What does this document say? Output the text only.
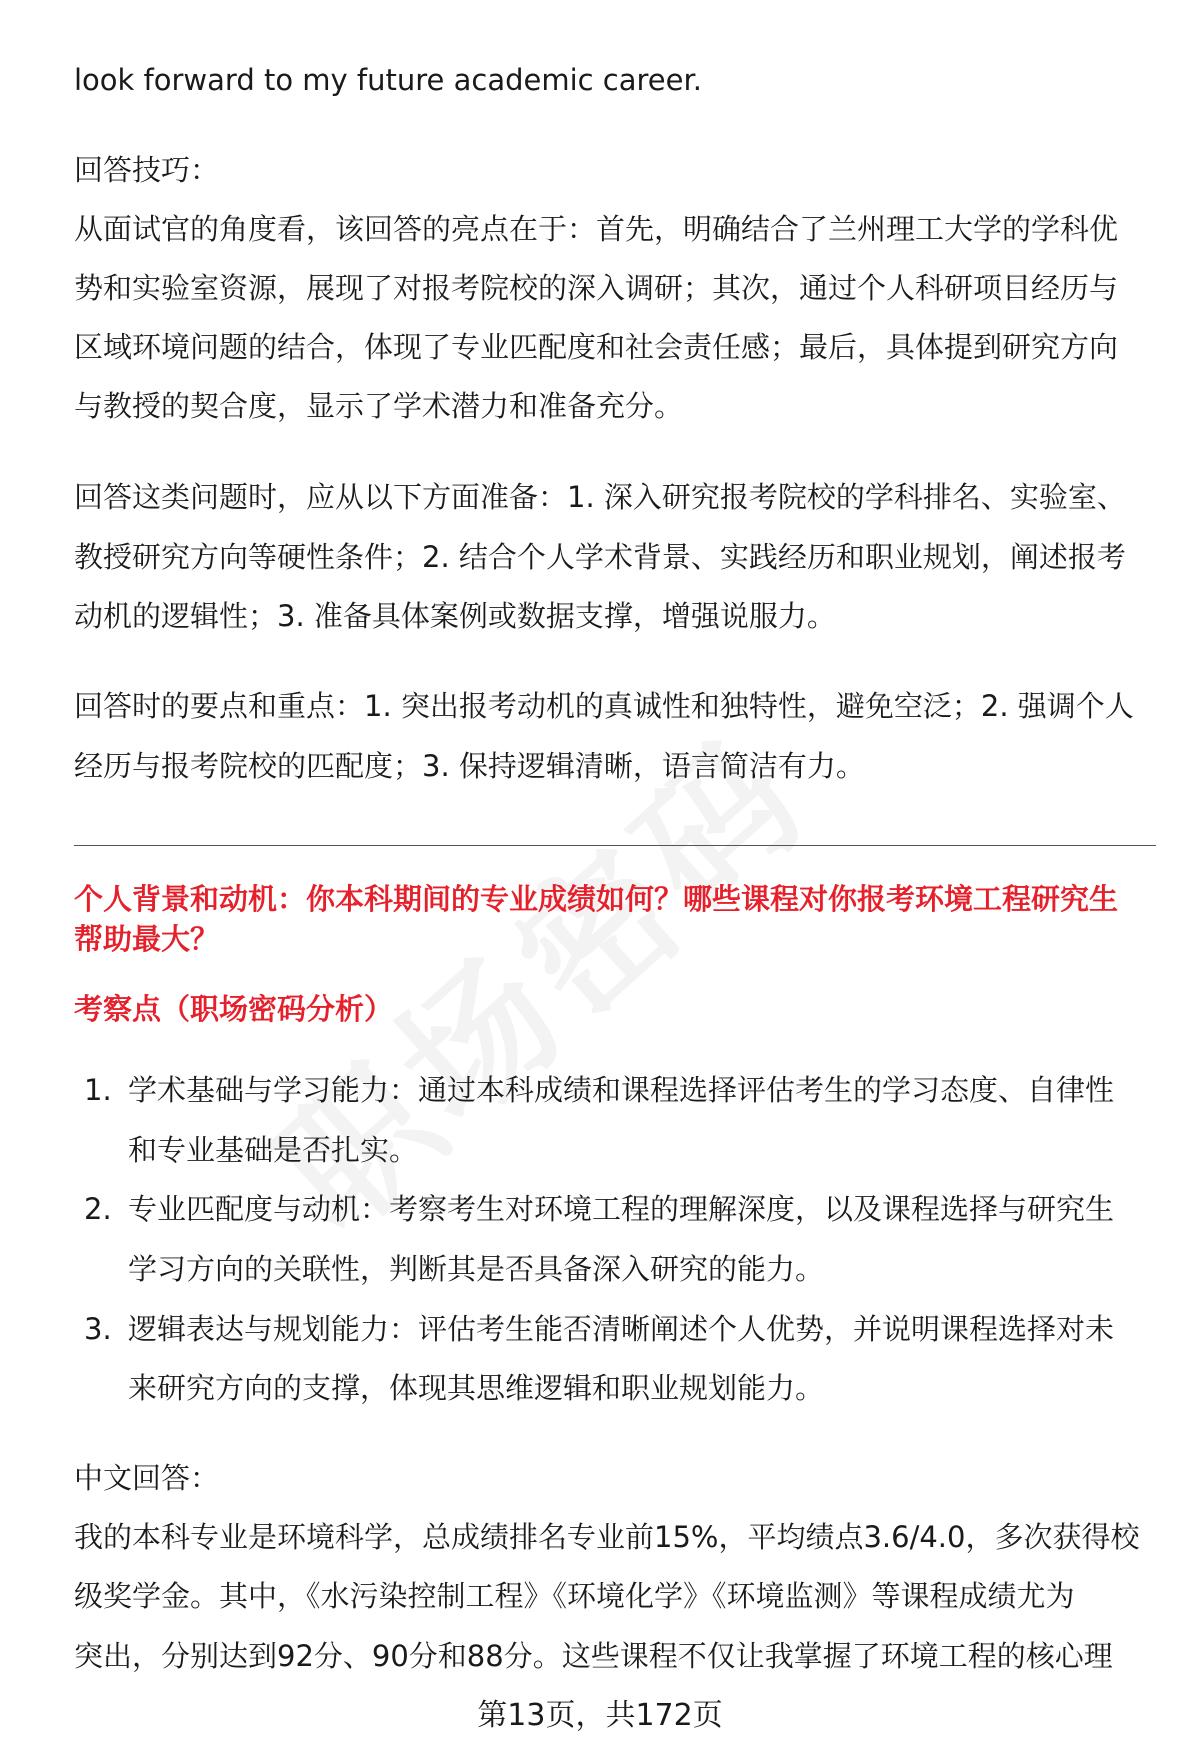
look forward to my future academic career.
回答技巧：
从面试官的角度看，该回答的亮点在于：首先，明确结合了兰州理工大学的学科优
势和实验室资源，展现了对报考院校的深入调研；其次，通过个人科研项目经历与
区域环境问题的结合，体现了专业匹配度和社会责任感；最后，具体提到研究方向
与教授的契合度，显示了学术潜力和准备充分。
回答这类问题时，应从以下方面准备：1. 深入研究报考院校的学科排名、实验室、
教授研究方向等硬性条件；2. 结合个人学术背景、实践经历和职业规划，阐述报考
动机的逻辑性；3. 准备具体案例或数据支撑，增强说服力。
回答时的要点和重点：1. 突出报考动机的真诚性和独特性，避免空泛；2. 强调个人
经历与报考院校的匹配度；3. 保持逻辑清晰，语言简洁有力。
个人背景和动机：你本科期间的专业成绩如何？哪些课程对你报考环境工程研究生
帮助最大？
考察点（职场密码分析）
1. 学术基础与学习能力：通过本科成绩和课程选择评估考生的学习态度、自律性
和专业基础是否扎实。
2. 专业匹配度与动机：考察考生对环境工程的理解深度，以及课程选择与研究生
学习方向的关联性，判断其是否具备深入研究的能力。
3. 逻辑表达与规划能力：评估考生能否清晰阐述个人优势，并说明课程选择对未
来研究方向的支撑，体现其思维逻辑和职业规划能力。
中文回答：
我的本科专业是环境科学，总成绩排名专业前15%，平均绩点3.6/4.0，多次获得校
级奖学金。其中，《水污染控制工程》《环境化学》《环境监测》等课程成绩尤为
突出，分别达到92分、90分和88分。这些课程不仅让我掌握了环境工程的核心理
第13页，共172页
